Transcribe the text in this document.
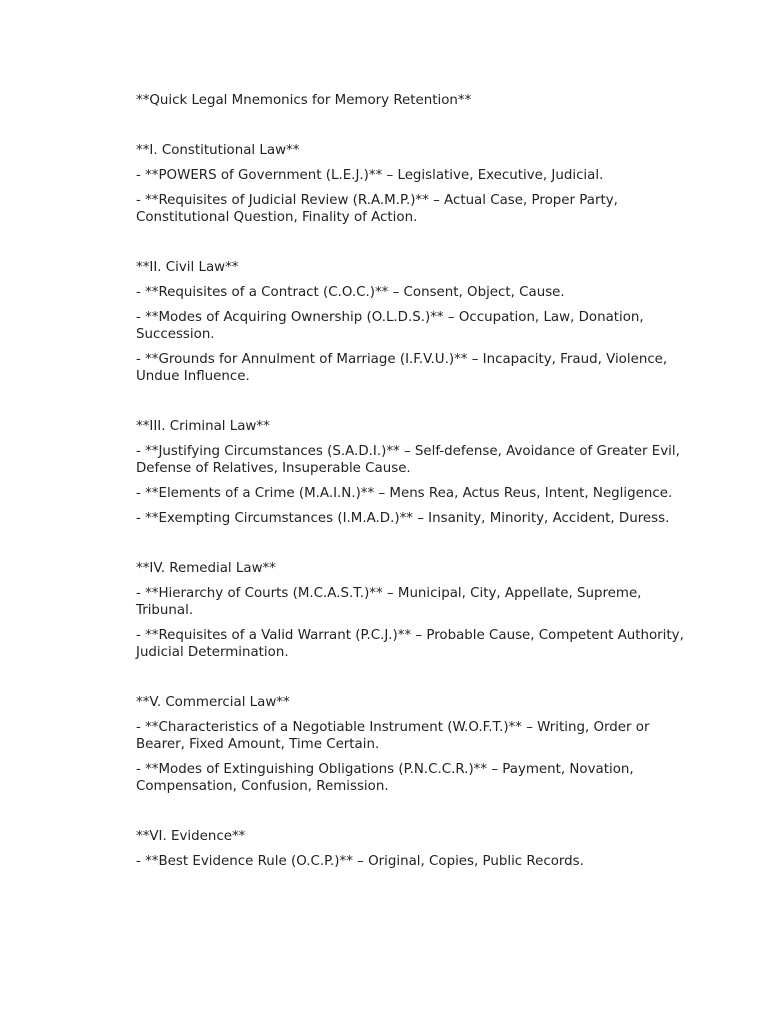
**Quick Legal Mnemonics for Memory Retention**
**I. Constitutional Law**
- **POWERS of Government (L.E.J.)** – Legislative, Executive, Judicial.
- **Requisites of Judicial Review (R.A.M.P.)** – Actual Case, Proper Party, Constitutional Question, Finality of Action.
**II. Civil Law**
- **Requisites of a Contract (C.O.C.)** – Consent, Object, Cause.
- **Modes of Acquiring Ownership (O.L.D.S.)** – Occupation, Law, Donation, Succession.
- **Grounds for Annulment of Marriage (I.F.V.U.)** – Incapacity, Fraud, Violence, Undue Influence.
**III. Criminal Law**
- **Justifying Circumstances (S.A.D.I.)** – Self-defense, Avoidance of Greater Evil, Defense of Relatives, Insuperable Cause.
- **Elements of a Crime (M.A.I.N.)** – Mens Rea, Actus Reus, Intent, Negligence.
- **Exempting Circumstances (I.M.A.D.)** – Insanity, Minority, Accident, Duress.
**IV. Remedial Law**
- **Hierarchy of Courts (M.C.A.S.T.)** – Municipal, City, Appellate, Supreme, Tribunal.
- **Requisites of a Valid Warrant (P.C.J.)** – Probable Cause, Competent Authority, Judicial Determination.
**V. Commercial Law**
- **Characteristics of a Negotiable Instrument (W.O.F.T.)** – Writing, Order or Bearer, Fixed Amount, Time Certain.
- **Modes of Extinguishing Obligations (P.N.C.C.R.)** – Payment, Novation, Compensation, Confusion, Remission.
**VI. Evidence**
- **Best Evidence Rule (O.C.P.)** – Original, Copies, Public Records.
